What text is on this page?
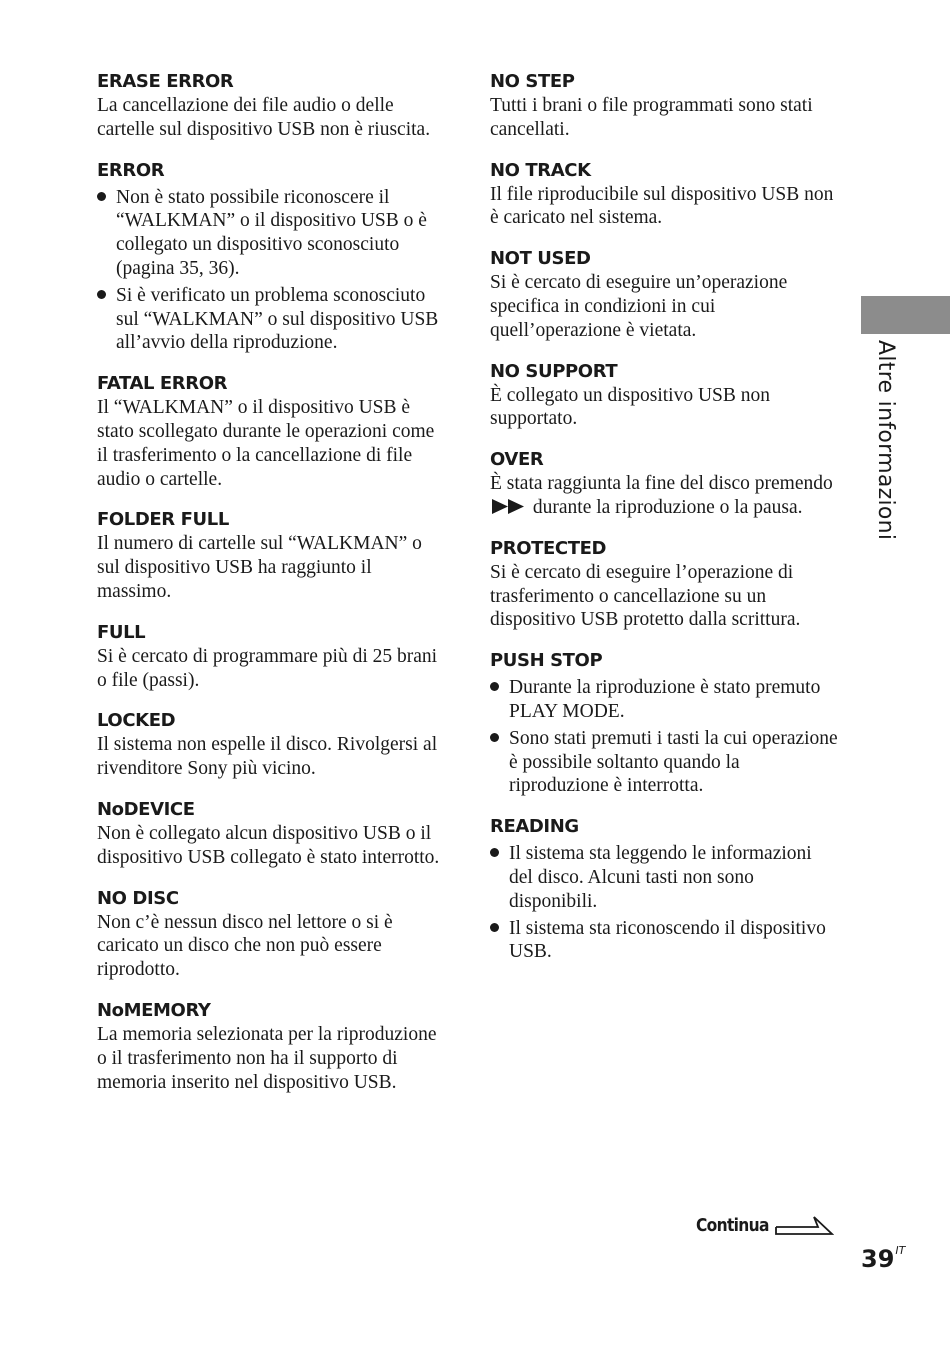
ERASE ERROR

La cancellazione dei file audio o delle cartelle sul dispositivo USB non è riuscita.

ERROR

Non è stato possibile riconoscere il “WALKMAN” o il dispositivo USB o è collegato un dispositivo sconosciuto (pagina 35, 36).
Si è verificato un problema sconosciuto sul “WALKMAN” o sul dispositivo USB all’avvio della riproduzione.

FATAL ERROR

Il “WALKMAN” o il dispositivo USB è stato scollegato durante le operazioni come il trasferimento o la cancellazione di file audio o cartelle.

FOLDER FULL

Il numero di cartelle sul “WALKMAN” o sul dispositivo USB ha raggiunto il massimo.

FULL

Si è cercato di programmare più di 25 brani o file (passi).

LOCKED

Il sistema non espelle il disco. Rivolgersi al rivenditore Sony più vicino.

NoDEVICE

Non è collegato alcun dispositivo USB o il dispositivo USB collegato è stato interrotto.

NO DISC

Non c’è nessun disco nel lettore o si è caricato un disco che non può essere riprodotto.

NoMEMORY

La memoria selezionata per la riproduzione o il trasferimento non ha il supporto di memoria inserito nel dispositivo USB.

NO STEP

Tutti i brani o file programmati sono stati cancellati.

NO TRACK

Il file riproducibile sul dispositivo USB non è caricato nel sistema.

NOT USED

Si è cercato di eseguire un’operazione specifica in condizioni in cui quell’operazione è vietata.

NO SUPPORT

È collegato un dispositivo USB non supportato.

OVER

È stata raggiunta la fine del disco premendo  durante la riproduzione o la pausa.

PROTECTED

Si è cercato di eseguire l’operazione di trasferimento o cancellazione su un dispositivo USB protetto dalla scrittura.

PUSH STOP

Durante la riproduzione è stato premuto PLAY MODE.
Sono stati premuti i tasti la cui operazione è possibile soltanto quando la riproduzione è interrotta.

READING

Il sistema sta leggendo le informazioni del disco. Alcuni tasti non sono disponibili.
Il sistema sta riconoscendo il dispositivo USB.
Altre informazioni
Continua
$39^{IT}$
